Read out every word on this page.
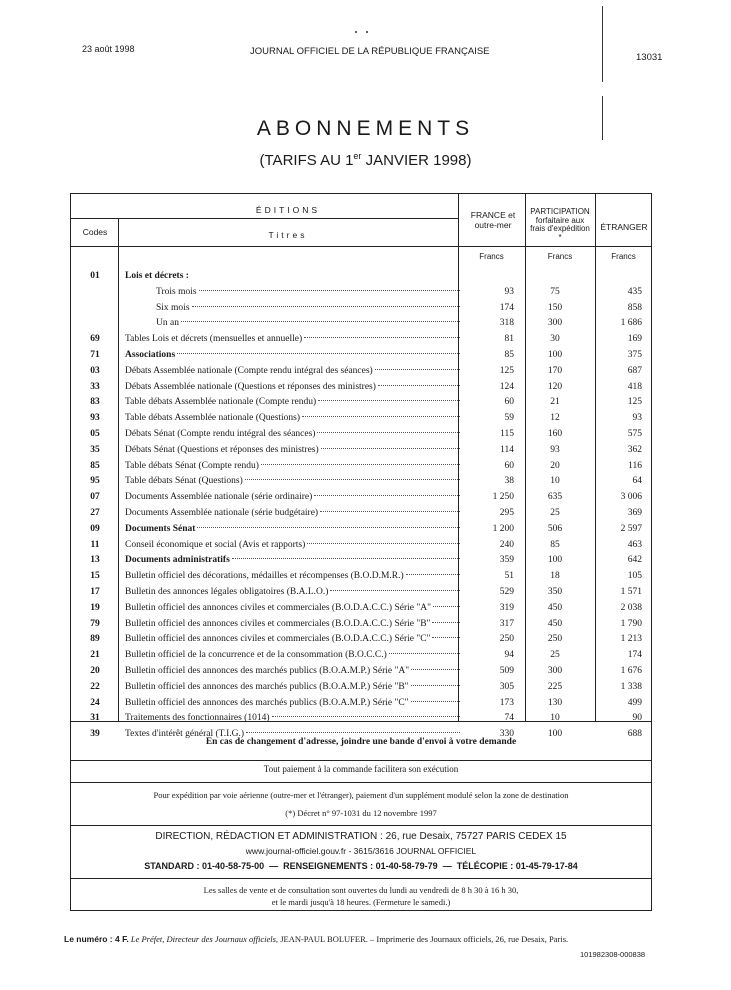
23 août 1998	JOURNAL OFFICIEL DE LA RÉPUBLIQUE FRANÇAISE
13031
ABONNEMENTS
(TARIFS AU 1er JANVIER 1998)
ÉDITIONS
Codes	Titres
FRANCE et outre-mer
PARTICIPATION forfaitaire aux frais d'expédition *
ÉTRANGER
Francs	Francs	Francs
01	Lois et décrets :
Trois mois	93	75	435
Six mois	174	150	858
Un an	318	300	1 686
69	Tables Lois et décrets (mensuelles et annuelle)	81	30	169
71	Associations	85	100	375
03	Débats Assemblée nationale (Compte rendu intégral des séances)	125	170	687
33	Débats Assemblée nationale (Questions et réponses des ministres)	124	120	418
83	Table débats Assemblée nationale (Compte rendu)	60	21	125
93	Table débats Assemblée nationale (Questions)	59	12	93
05	Débats Sénat (Compte rendu intégral des séances)	115	160	575
35	Débats Sénat (Questions et réponses des ministres)	114	93	362
85	Table débats Sénat (Compte rendu)	60	20	116
95	Table débats Sénat (Questions)	38	10	64
07	Documents Assemblée nationale (série ordinaire)	1 250	635	3 006
27	Documents Assemblée nationale (série budgétaire)	295	25	369
09	Documents Sénat	1 200	506	2 597
11	Conseil économique et social (Avis et rapports)	240	85	463
13	Documents administratifs	359	100	642
15	Bulletin officiel des décorations, médailles et récompenses (B.O.D.M.R.)	51	18	105
17	Bulletin des annonces légales obligatoires (B.A.L.O.)	529	350	1 571
19	Bulletin officiel des annonces civiles et commerciales (B.O.D.A.C.C.) Série "A"	319	450	2 038
79	Bulletin officiel des annonces civiles et commerciales (B.O.D.A.C.C.) Série "B"	317	450	1 790
89	Bulletin officiel des annonces civiles et commerciales (B.O.D.A.C.C.) Série "C"	250	250	1 213
21	Bulletin officiel de la concurrence et de la consommation (B.O.C.C.)	94	25	174
20	Bulletin officiel des annonces des marchés publics (B.O.A.M.P.) Série "A"	509	300	1 676
22	Bulletin officiel des annonces des marchés publics (B.O.A.M.P.) Série "B"	305	225	1 338
24	Bulletin officiel des annonces des marchés publics (B.O.A.M.P.) Série "C"	173	130	499
31	Traitements des fonctionnaires (1014)	74	10	90
39	Textes d'intérêt général (T.I.G.)	330	100	688
En cas de changement d'adresse, joindre une bande d'envoi à votre demande
Tout paiement à la commande facilitera son exécution
Pour expédition par voie aérienne (outre-mer et l'étranger), paiement d'un supplément modulé selon la zone de destination
(*) Décret n° 97-1031 du 12 novembre 1997
DIRECTION, RÉDACTION ET ADMINISTRATION : 26, rue Desaix, 75727 PARIS CEDEX 15
www.journal-officiel.gouv.fr - 3615/3616 JOURNAL OFFICIEL
STANDARD : 01-40-58-75-00 — RENSEIGNEMENTS : 01-40-58-79-79 — TÉLÉCOPIE : 01-45-79-17-84
Les salles de vente et de consultation sont ouvertes du lundi au vendredi de 8 h 30 à 16 h 30,
et le mardi jusqu'à 18 heures. (Fermeture le samedi.)
Le numéro : 4 F. Le Préfet, Directeur des Journaux officiels, JEAN-PAUL BOLUFER. – Imprimerie des Journaux officiels, 26, rue Desaix, Paris.
101982308-000838
